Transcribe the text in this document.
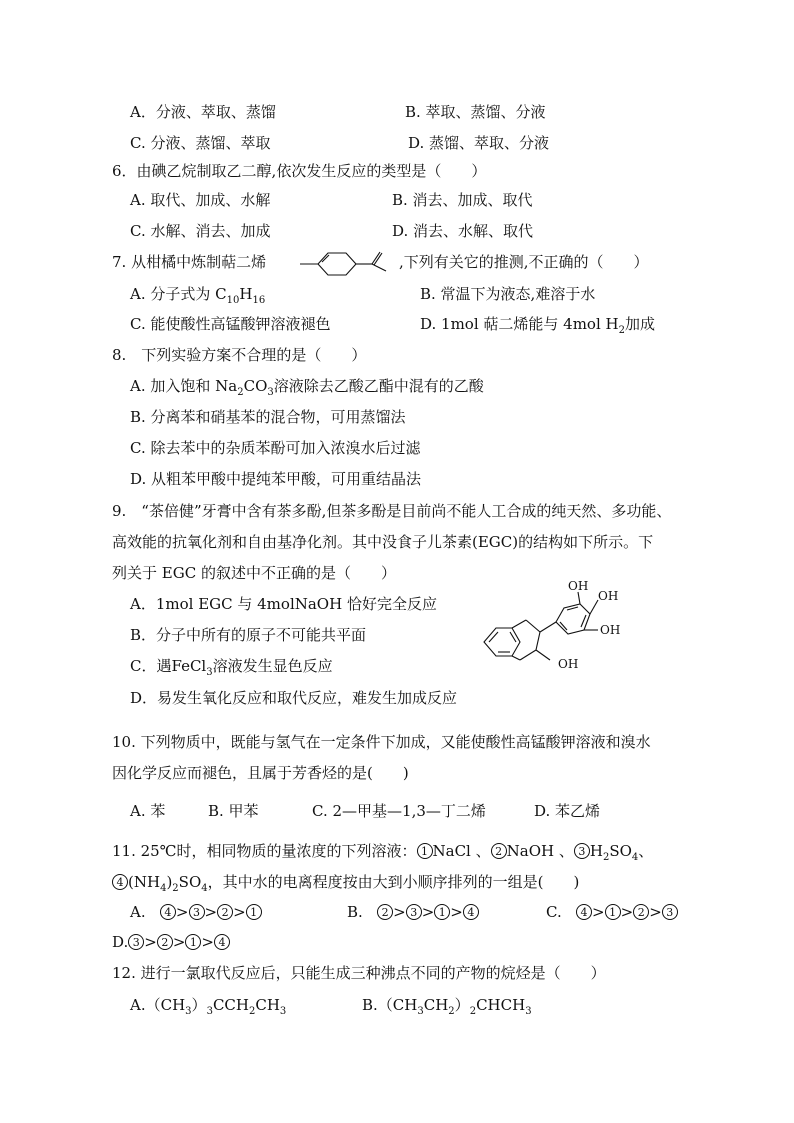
A．分液、萃取、蒸馏	B. 萃取、蒸馏、分液
C. 分液、蒸馏、萃取	D. 蒸馏、萃取、分液
6．由碘乙烷制取乙二醇,依次发生反应的类型是（　　）
A. 取代、加成、水解	B. 消去、加成、取代
C. 水解、消去、加成	D. 消去、水解、取代
7. 从柑橘中炼制萜二烯	,下列有关它的推测,不正确的（　　）
A. 分子式为 $C_{10}H_{16}$	B. 常温下为液态,难溶于水
C. 能使酸性高锰酸钾溶液褪色	D. 1mol 萜二烯能与 4mol $H_2$加成
8.　下列实验方案不合理的是（　　）
A. 加入饱和 $Na_2CO_3$溶液除去乙酸乙酯中混有的乙酸
B. 分离苯和硝基苯的混合物，可用蒸馏法
C. 除去苯中的杂质苯酚可加入浓溴水后过滤
D. 从粗苯甲酸中提纯苯甲酸，可用重结晶法
9.　“茶倍健”牙膏中含有茶多酚,但茶多酚是目前尚不能人工合成的纯天然、多功能、
高效能的抗氧化剂和自由基净化剂。其中没食子儿茶素(EGC)的结构如下所示。下
列关于 EGC 的叙述中不正确的是（　　）
A．1mol EGC 与 4molNaOH 恰好完全反应
B．分子中所有的原子不可能共平面
C．遇FeCl$_3$溶液发生显色反应
D．易发生氧化反应和取代反应，难发生加成反应
OH
OH
OH
OH
10. 下列物质中，既能与氢气在一定条件下加成，又能使酸性高锰酸钾溶液和溴水
因化学反应而褪色，且属于芳香烃的是(　　)
A. 苯	B. 甲苯	C. 2—甲基—1,3—丁二烯	D. 苯乙烯
11. 25℃时，相同物质的量浓度的下列溶液： 1 NaCl 、 2 NaOH 、 3 $H_2SO_4$、
4 $(NH_4)_2SO_4$，其中水的电离程度按由大到小顺序排列的一组是(　　)
A. 4 > 3 > 2 > 1	B. 2 > 3 > 1 > 4	C. 4 > 1 > 2 > 3
D. 3 > 2 > 1 > 4
12. 进行一氯取代反应后，只能生成三种沸点不同的产物的烷烃是（　　）
$A.(CH_3)_3CCH_2CH_3$	$B.(CH_3CH_2)_2CHCH_3$
